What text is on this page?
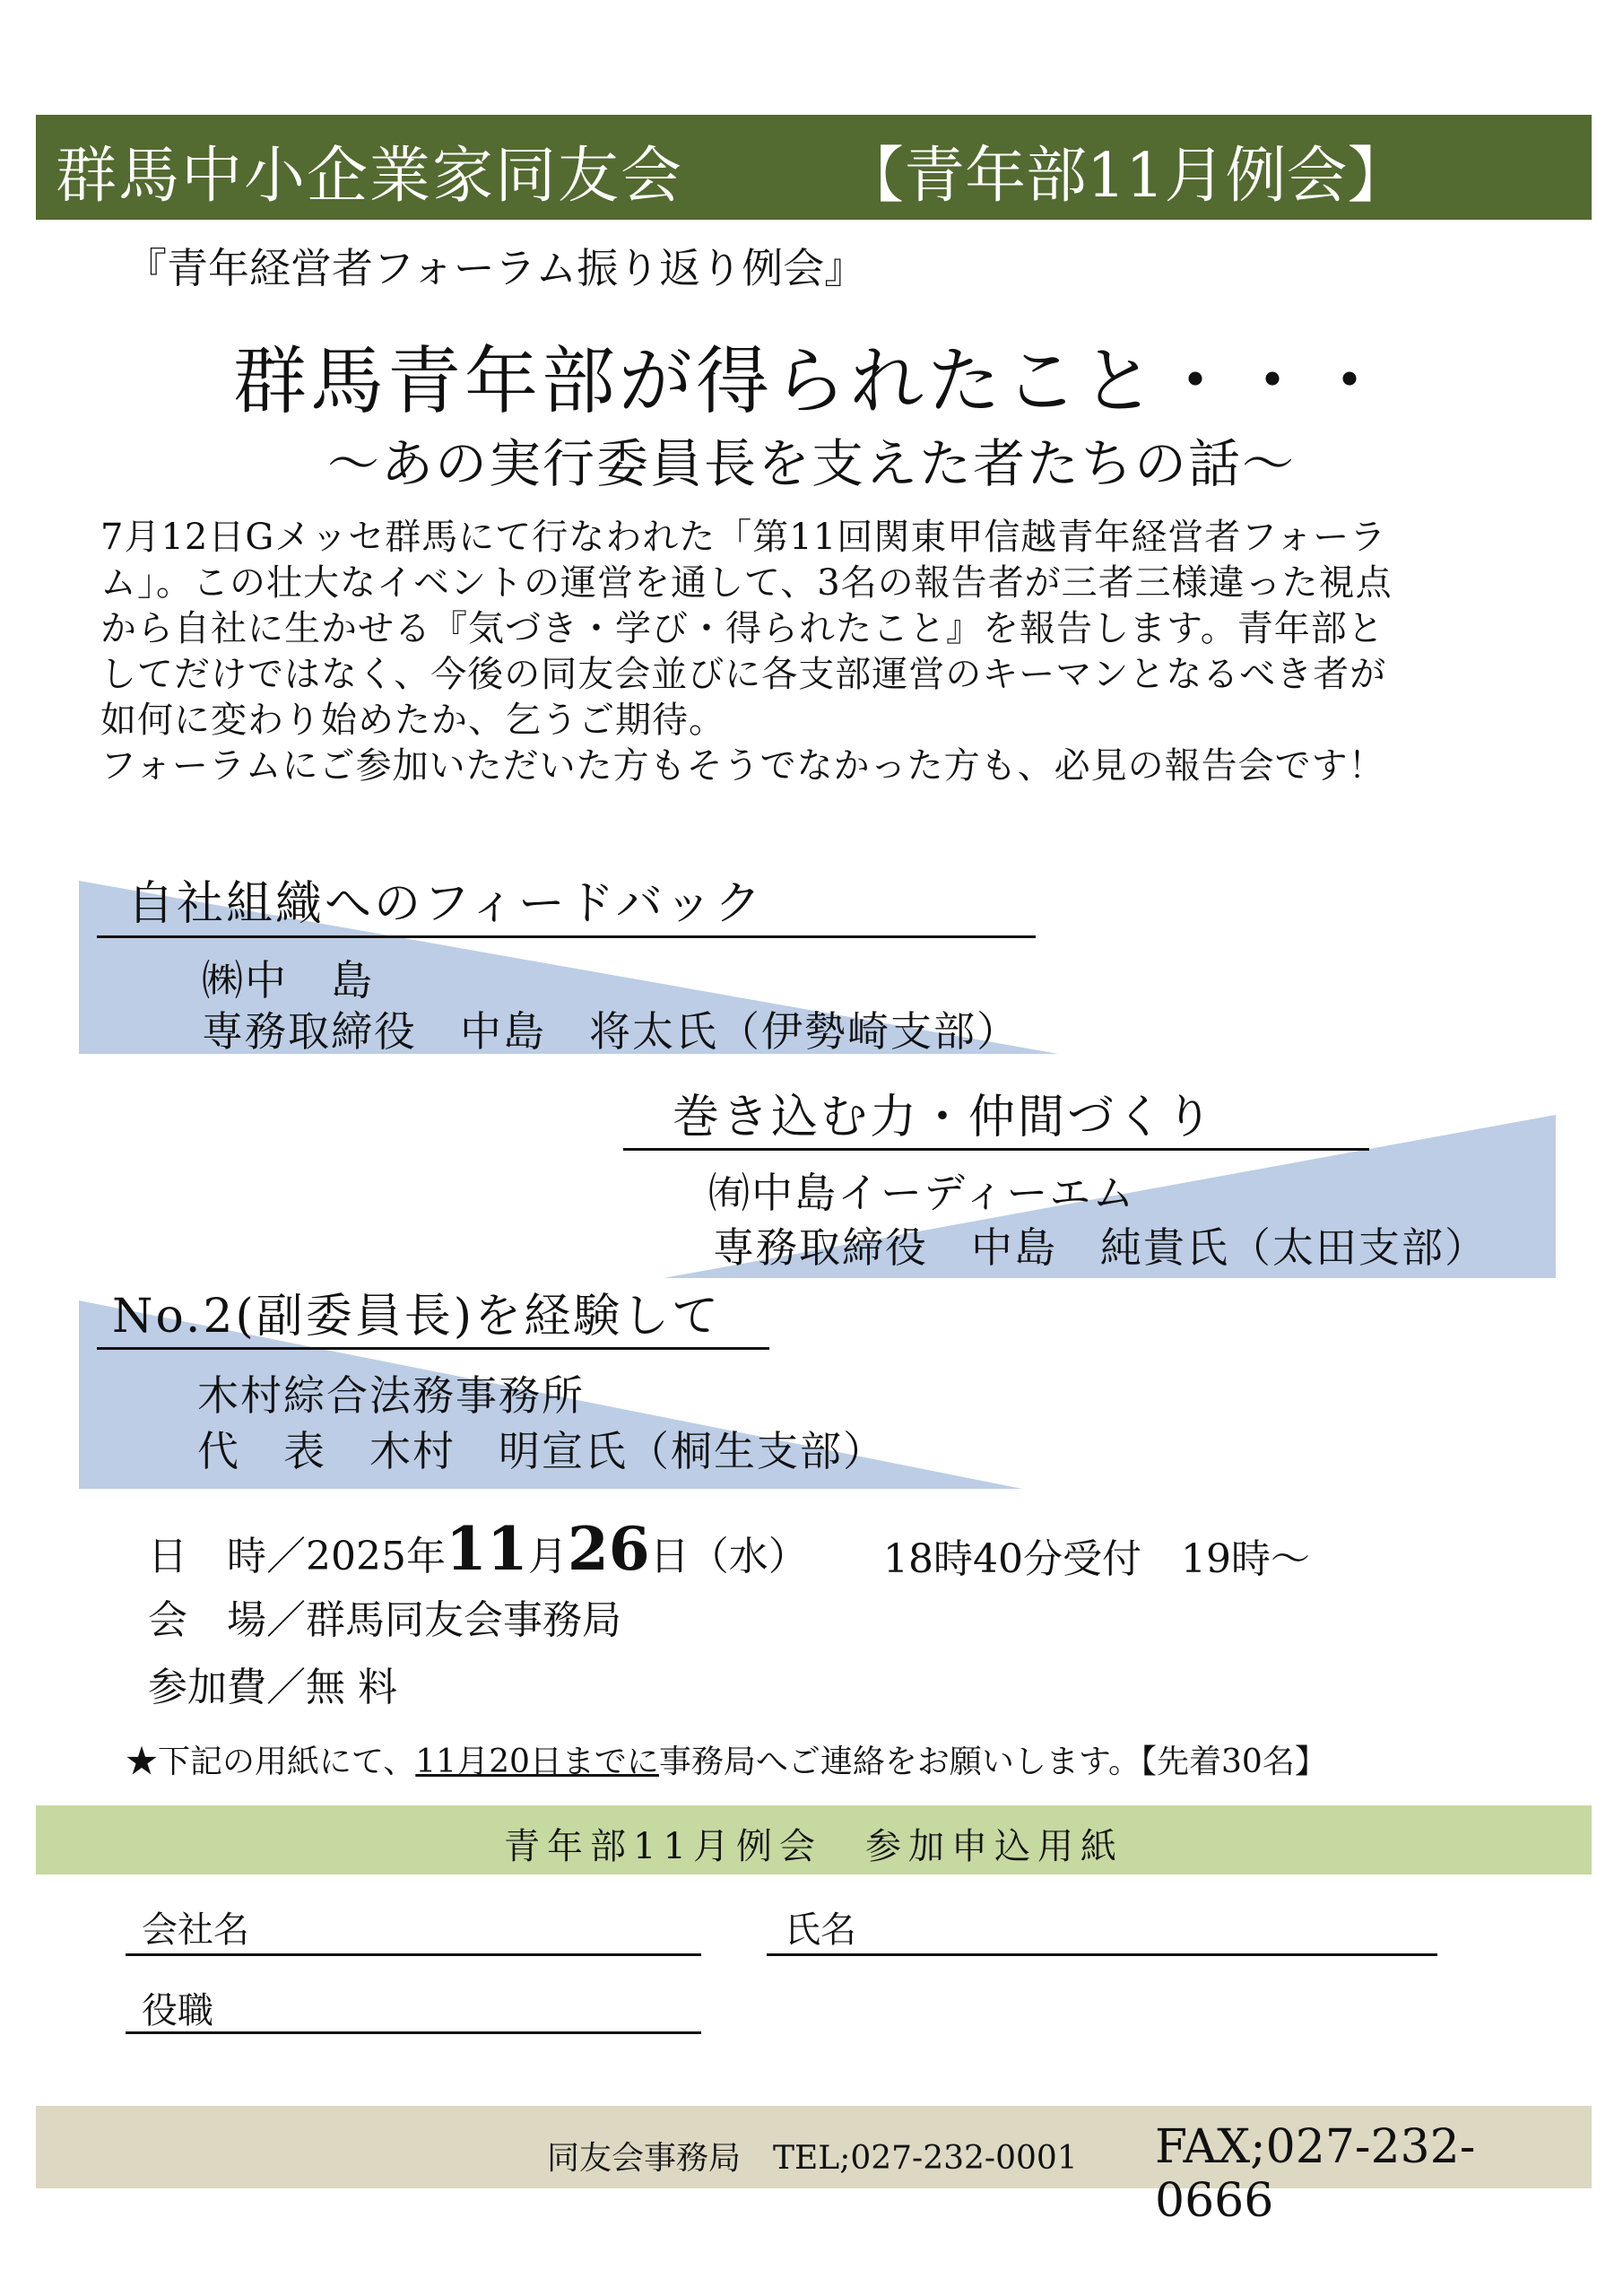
群馬中小企業家同友会	【青年部11月例会】
『青年経営者フォーラム振り返り例会』
群馬青年部が得られたこと・・・
～あの実行委員長を支えた者たちの話～
7月12日Gメッセ群馬にて行なわれた「第11回関東甲信越青年経営者フォーラ
ム」。この壮大なイベントの運営を通して、3名の報告者が三者三様違った視点
から自社に生かせる『気づき・学び・得られたこと』を報告します。青年部と
してだけではなく、今後の同友会並びに各支部運営のキーマンとなるべき者が
如何に変わり始めたか、乞うご期待。
フォーラムにご参加いただいた方もそうでなかった方も、必見の報告会です！
自社組織へのフィードバック
㈱中　島
専務取締役　中島　将太氏（伊勢崎支部）
巻き込む力・仲間づくり
㈲中島イーディーエム
専務取締役　中島　純貴氏（太田支部）
No.2(副委員長)を経験して
木村綜合法務事務所
代　表　木村　明宣氏（桐生支部）
日　時／2025年11月26日（水） 18時40分受付　19時～
会　場／群馬同友会事務局
参加費／無 料
★下記の用紙にて、11月20日までに事務局へご連絡をお願いします。【先着30名】
青年部11月例会　参加申込用紙
会社名	氏名
役職
同友会事務局　TEL;027-232-0001 FAX;027-232-0666
